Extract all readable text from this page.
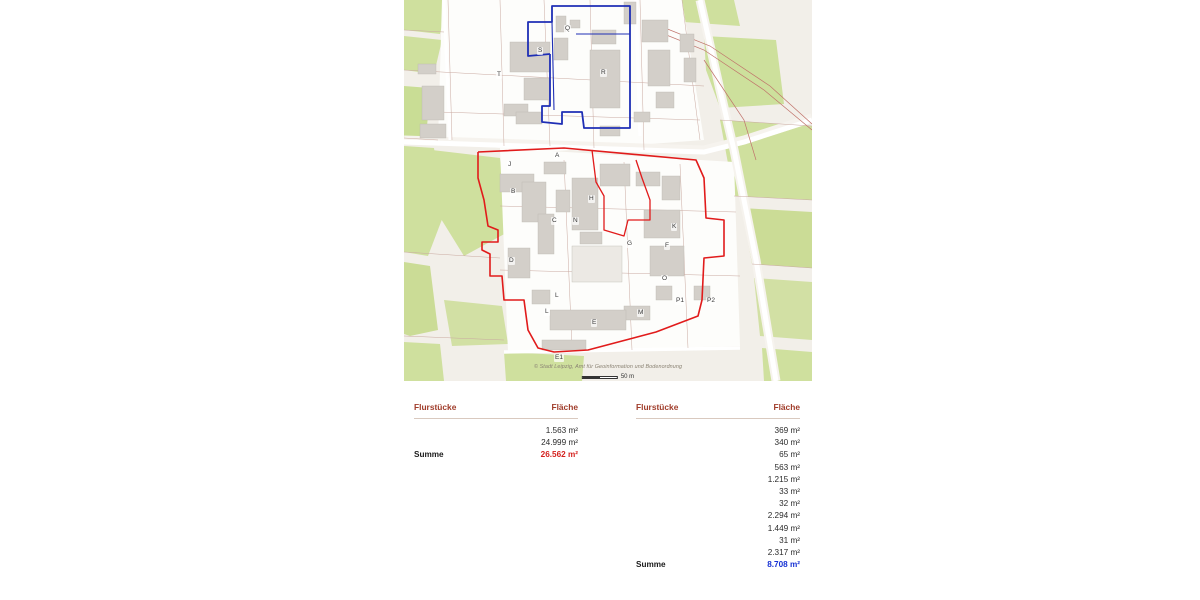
Q
S
R
T
J
A
B
H
C	N
K
G	F
D
O
L
P1	P2
L
E
M
E1
© Stadt Leipzig, Amt für Geoinformation und Bodenordnung
50 m
Flurstücke	Fläche
	1.563 m²
	24.999 m²
Summe	26.562 m²
Flurstücke	Fläche
	369 m²
	340 m²
	65 m²
	563 m²
	1.215 m²
	33 m²
	32 m²
	2.294 m²
	1.449 m²
	31 m²
	2.317 m²
Summe	8.708 m²
